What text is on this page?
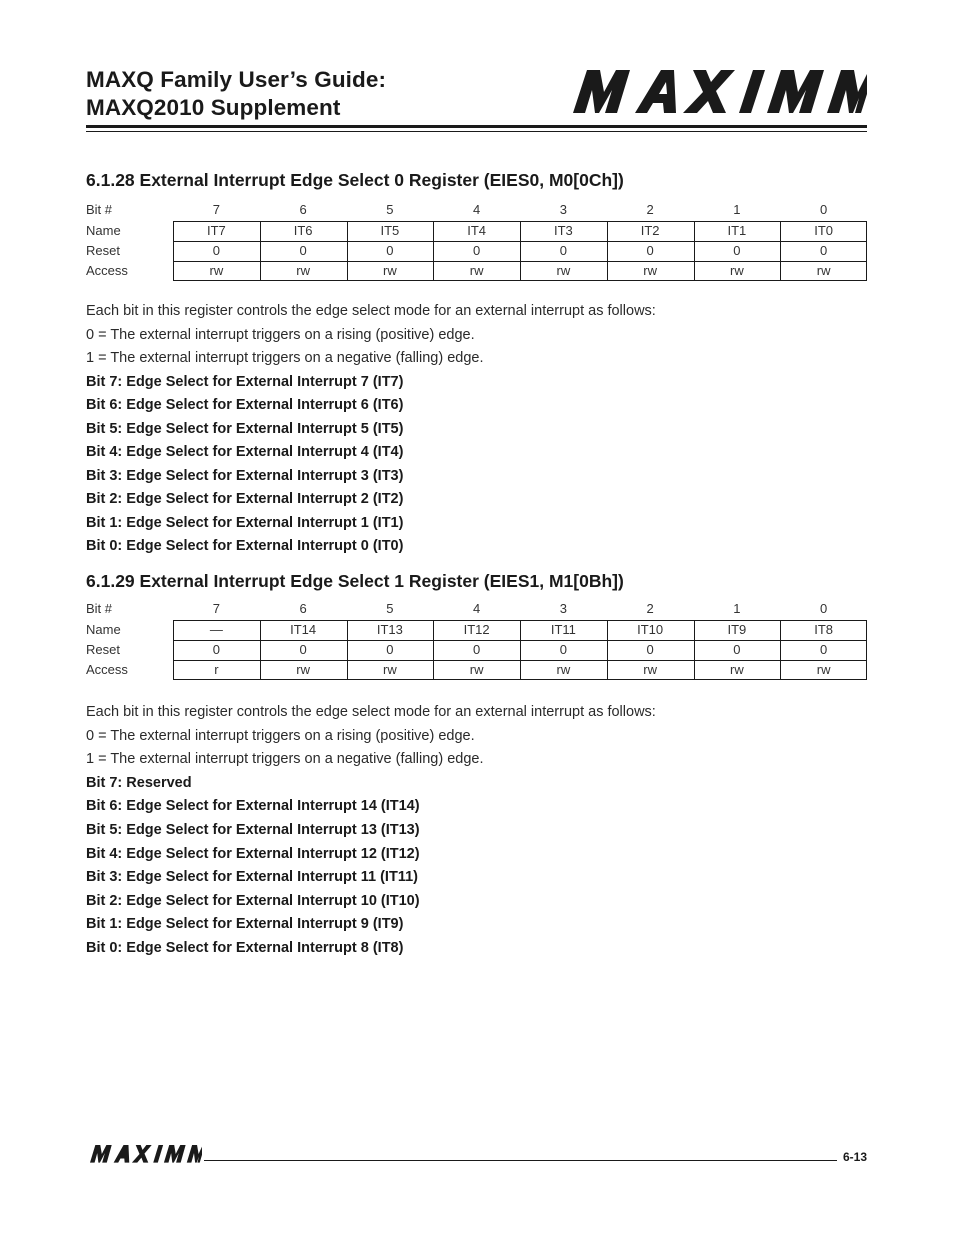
MAXQ Family User’s Guide:
MAXQ2010 Supplement
6.1.28 External Interrupt Edge Select 0 Register (EIES0, M0[0Ch])
Bit #	7	6	5	4	3	2	1	0
Name	IT7	IT6	IT5	IT4	IT3	IT2	IT1	IT0
Reset	0	0	0	0	0	0	0	0
Access	rw	rw	rw	rw	rw	rw	rw	rw
Each bit in this register controls the edge select mode for an external interrupt as follows:
0 = The external interrupt triggers on a rising (positive) edge.
1 = The external interrupt triggers on a negative (falling) edge.
Bit 7: Edge Select for External Interrupt 7 (IT7)
Bit 6: Edge Select for External Interrupt 6 (IT6)
Bit 5: Edge Select for External Interrupt 5 (IT5)
Bit 4: Edge Select for External Interrupt 4 (IT4)
Bit 3: Edge Select for External Interrupt 3 (IT3)
Bit 2: Edge Select for External Interrupt 2 (IT2)
Bit 1: Edge Select for External Interrupt 1 (IT1)
Bit 0: Edge Select for External Interrupt 0 (IT0)
6.1.29 External Interrupt Edge Select 1 Register (EIES1, M1[0Bh])
Bit #	7	6	5	4	3	2	1	0
Name	—	IT14	IT13	IT12	IT11	IT10	IT9	IT8
Reset	0	0	0	0	0	0	0	0
Access	r	rw	rw	rw	rw	rw	rw	rw
Each bit in this register controls the edge select mode for an external interrupt as follows:
0 = The external interrupt triggers on a rising (positive) edge.
1 = The external interrupt triggers on a negative (falling) edge.
Bit 7: Reserved
Bit 6: Edge Select for External Interrupt 14 (IT14)
Bit 5: Edge Select for External Interrupt 13 (IT13)
Bit 4: Edge Select for External Interrupt 12 (IT12)
Bit 3: Edge Select for External Interrupt 11 (IT11)
Bit 2: Edge Select for External Interrupt 10 (IT10)
Bit 1: Edge Select for External Interrupt 9 (IT9)
Bit 0: Edge Select for External Interrupt 8 (IT8)
6-13
